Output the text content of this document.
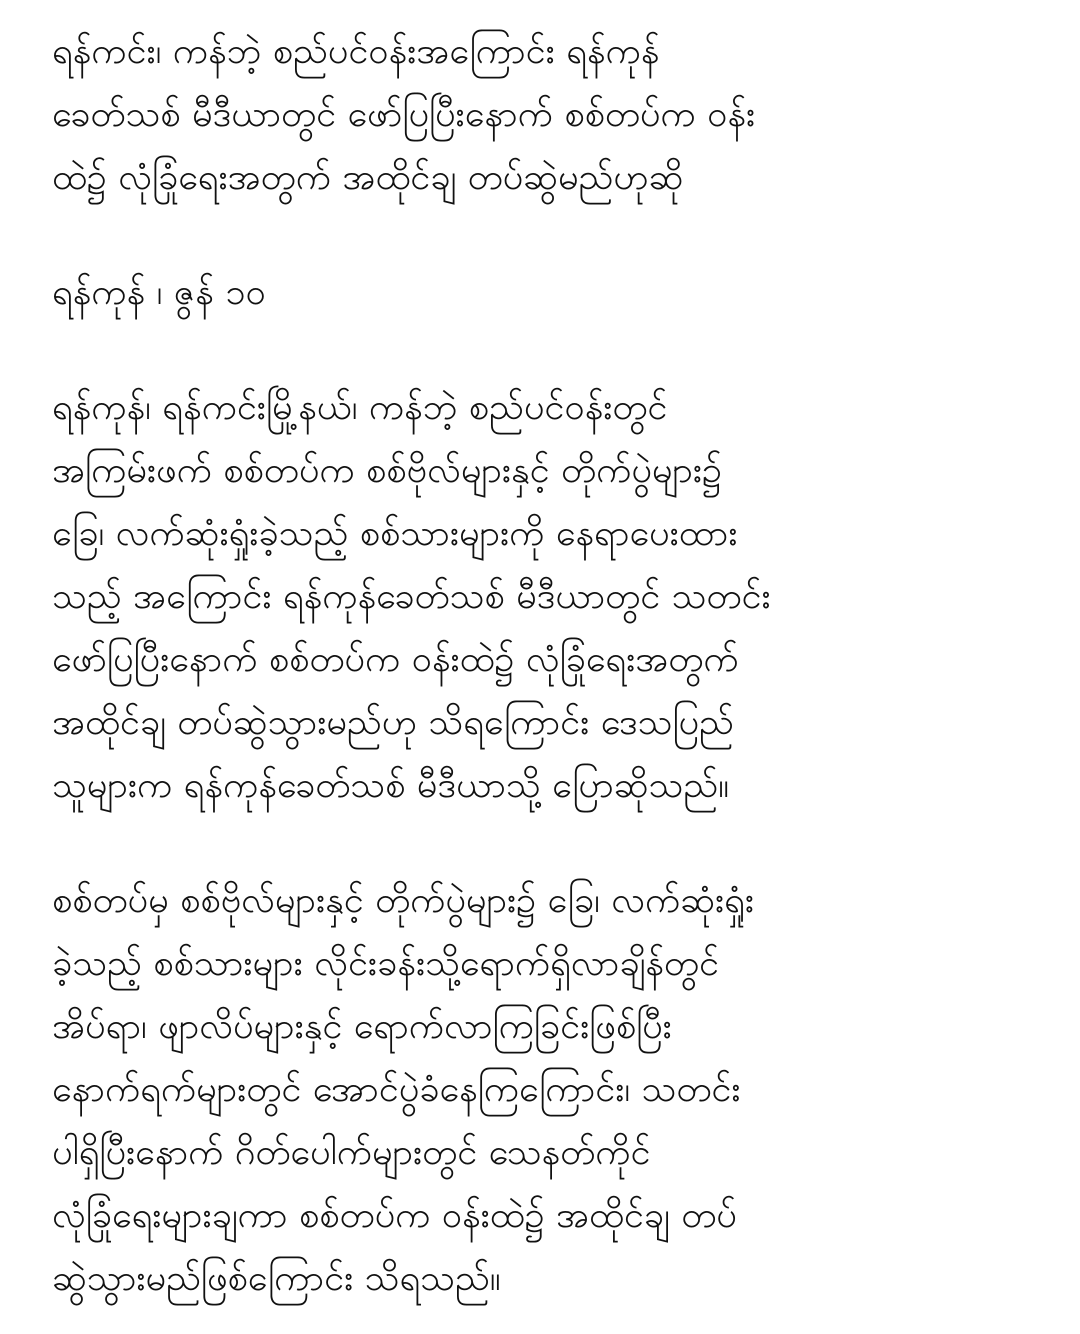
ရန်ကင်း၊ ကန်ဘဲ့ စည်ပင်ဝန်းအကြောင်း ရန်ကုန်
ခေတ်သစ် မီဒီယာတွင် ဖော်ပြပြီးနောက် စစ်တပ်က ဝန်း
ထဲ၌ လုံခြုံရေးအတွက် အထိုင်ချ တပ်ဆွဲမည်ဟုဆို
ရန်ကုန် ၊ ဇွန် ၁၀
ရန်ကုန်၊ ရန်ကင်းမြို့နယ်၊ ကန်ဘဲ့ စည်ပင်ဝန်းတွင်
အကြမ်းဖက် စစ်တပ်က စစ်ဗိုလ်များနှင့် တိုက်ပွဲများ၌
ခြေ၊ လက်ဆုံးရှုံးခဲ့သည့် စစ်သားများကို နေရာပေးထား
သည့် အကြောင်း ရန်ကုန်ခေတ်သစ် မီဒီယာတွင် သတင်း
ဖော်ပြပြီးနောက် စစ်တပ်က ဝန်းထဲ၌ လုံခြုံရေးအတွက်
အထိုင်ချ တပ်ဆွဲသွားမည်ဟု သိရကြောင်း ဒေသပြည်
သူများက ရန်ကုန်ခေတ်သစ် မီဒီယာသို့ ပြောဆိုသည်။
စစ်တပ်မှ စစ်ဗိုလ်များနှင့် တိုက်ပွဲများ၌ ခြေ၊ လက်ဆုံးရှုံး
ခဲ့သည့် စစ်သားများ လိုင်းခန်းသို့ရောက်ရှိလာချိန်တွင်
အိပ်ရာ၊ ဖျာလိပ်များနှင့် ရောက်လာကြခြင်းဖြစ်ပြီး
နောက်ရက်များတွင် အောင်ပွဲခံနေကြကြောင်း၊ သတင်း
ပါရှိပြီးနောက် ဂိတ်ပေါက်များတွင် သေနတ်ကိုင်
လုံခြုံရေးများချကာ စစ်တပ်က ဝန်းထဲ၌ အထိုင်ချ တပ်
ဆွဲသွားမည်ဖြစ်ကြောင်း သိရသည်။
